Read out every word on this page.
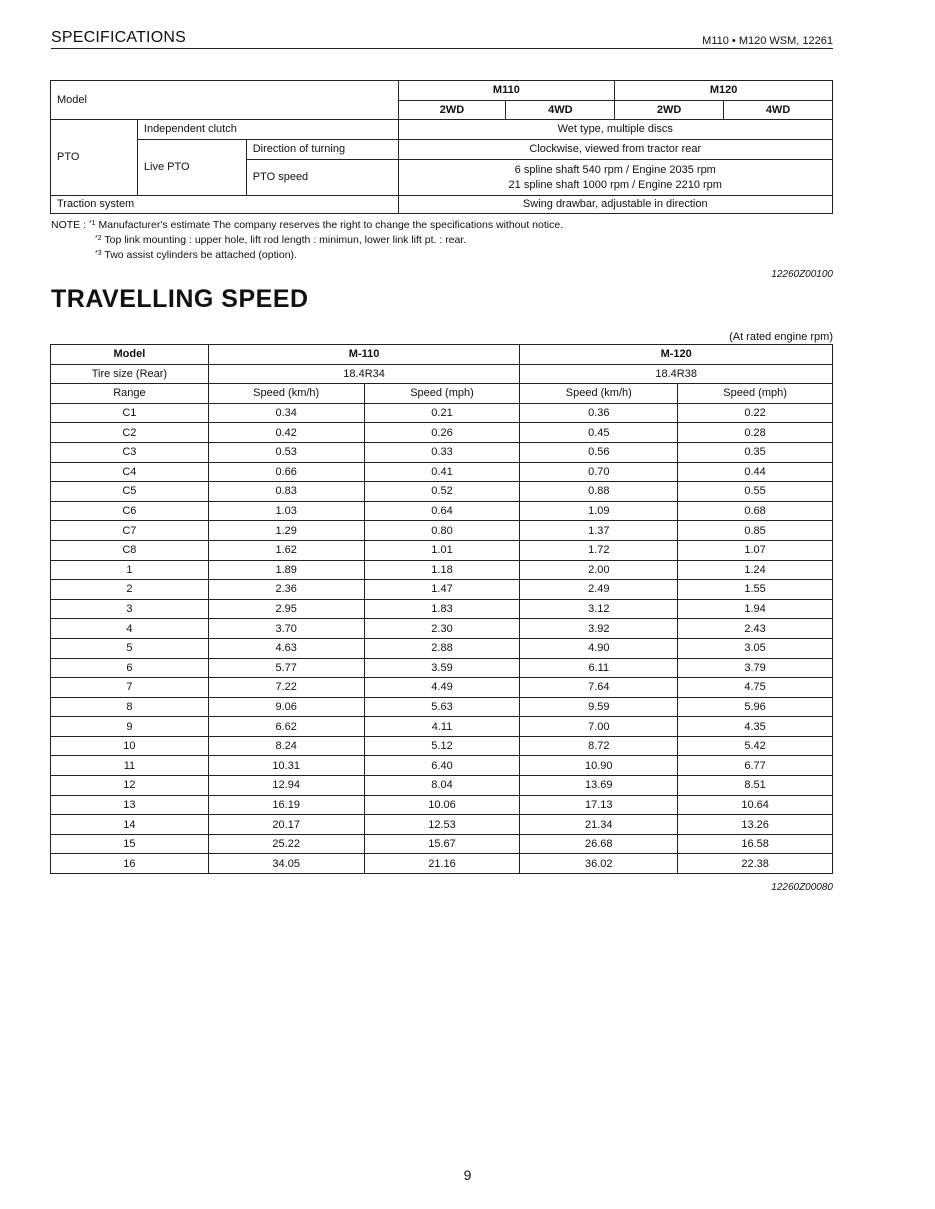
SPECIFICATIONS	M110 • M120 WSM, 12261
Model			M110		M120	
			2WD	4WD	2WD	4WD
PTO	Independent clutch		Wet type, multiple discs			
	Live PTO	Direction of turning	Clockwise, viewed from tractor rear			
		PTO speed	6 spline shaft 540 rpm / Engine 2035 rpm
21 spline shaft 1000 rpm / Engine 2210 rpm			

Traction system			Swing drawbar, adjustable in direction			
NOTE : $^{*1}$ Manufacturer's estimate The company reserves the right to change the specifications without notice.
$^{*2}$ Top link mounting : upper hole, lift rod length : minimun, lower link lift pt. : rear.
$^{*3}$ Two assist cylinders be attached (option).
12260Z00100
TRAVELLING SPEED
(At rated engine rpm)
Model	M-110		M-120	
Tire size (Rear)	18.4R34		18.4R38	
Range	Speed (km/h)	Speed (mph)	Speed (km/h)	Speed (mph)
C1	0.34	0.21	0.36	0.22
C2	0.42	0.26	0.45	0.28
C3	0.53	0.33	0.56	0.35
C4	0.66	0.41	0.70	0.44
C5	0.83	0.52	0.88	0.55
C6	1.03	0.64	1.09	0.68
C7	1.29	0.80	1.37	0.85
C8	1.62	1.01	1.72	1.07
1	1.89	1.18	2.00	1.24
2	2.36	1.47	2.49	1.55
3	2.95	1.83	3.12	1.94
4	3.70	2.30	3.92	2.43
5	4.63	2.88	4.90	3.05
6	5.77	3.59	6.11	3.79
7	7.22	4.49	7.64	4.75
8	9.06	5.63	9.59	5.96
9	6.62	4.11	7.00	4.35
10	8.24	5.12	8.72	5.42
11	10.31	6.40	10.90	6.77
12	12.94	8.04	13.69	8.51
13	16.19	10.06	17.13	10.64
14	20.17	12.53	21.34	13.26
15	25.22	15.67	26.68	16.58
16	34.05	21.16	36.02	22.38
12260Z00080
9
